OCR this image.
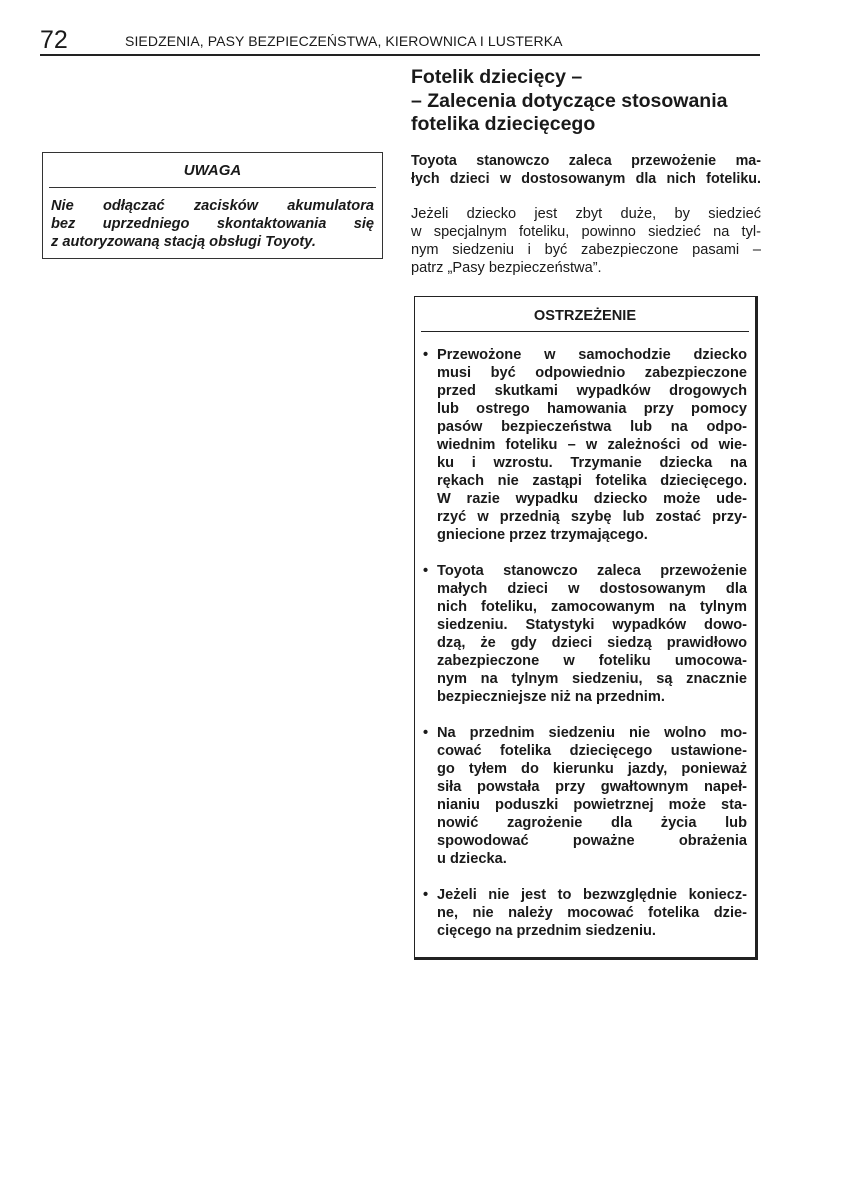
72	SIEDZENIA, PASY BEZPIECZEŃSTWA, KIEROWNICA I LUSTERKA
UWAGA
Nie odłączać zacisków akumulatora
bez uprzedniego skontaktowania się
z autoryzowaną stacją obsługi Toyoty.
Fotelik dziecięcy –
– Zalecenia dotyczące stosowania
fotelika dziecięcego
Toyota stanowczo zaleca przewożenie ma-
łych dzieci w dostosowanym dla nich foteliku.
Jeżeli dziecko jest zbyt duże, by siedzieć
w specjalnym foteliku, powinno siedzieć na tyl-
nym siedzeniu i być zabezpieczone pasami –
patrz „Pasy bezpieczeństwa”.
OSTRZEŻENIE
• Przewożone w samochodzie dziecko
musi być odpowiednio zabezpieczone
przed skutkami wypadków drogowych
lub ostrego hamowania przy pomocy
pasów bezpieczeństwa lub na odpo-
wiednim foteliku – w zależności od wie-
ku i wzrostu. Trzymanie dziecka na
rękach nie zastąpi fotelika dziecięcego.
W razie wypadku dziecko może ude-
rzyć w przednią szybę lub zostać przy-
gniecione przez trzymającego.
• Toyota stanowczo zaleca przewożenie
małych dzieci w dostosowanym dla
nich foteliku, zamocowanym na tylnym
siedzeniu. Statystyki wypadków dowo-
dzą, że gdy dzieci siedzą prawidłowo
zabezpieczone w foteliku umocowa-
nym na tylnym siedzeniu, są znacznie
bezpieczniejsze niż na przednim.
• Na przednim siedzeniu nie wolno mo-
cować fotelika dziecięcego ustawione-
go tyłem do kierunku jazdy, ponieważ
siła powstała przy gwałtownym napeł-
nianiu poduszki powietrznej może sta-
nowić zagrożenie dla życia lub
spowodować poważne obrażenia
u dziecka.
• Jeżeli nie jest to bezwzględnie koniecz-
ne, nie należy mocować fotelika dzie-
cięcego na przednim siedzeniu.
